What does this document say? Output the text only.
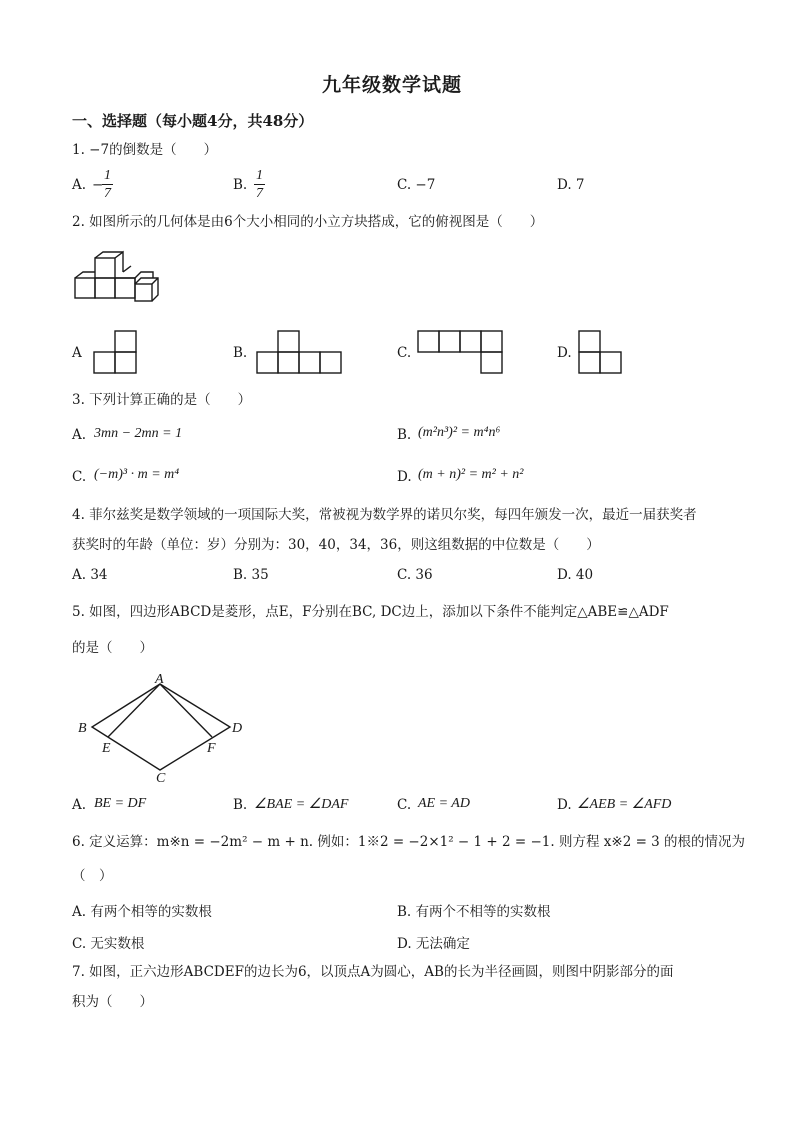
九年级数学试题
一、选择题（每小题4分，共48分）
1. −7的倒数是（　　）
A. −
$\frac{1}{7}$	B. $\frac{1}{7}$	C. −7	D. 7
2. 如图所示的几何体是由6个大小相同的小立方块搭成，它的俯视图是（　　）
A	B.	C.	D.
3. 下列计算正确的是（　　）
A. 3mn − 2mn = 1	B. (m²n³)² = m⁴n⁶
C. (−m)³ · m = m⁴	D. (m + n)² = m² + n²
4. 菲尔兹奖是数学领域的一项国际大奖，常被视为数学界的诺贝尔奖，每四年颁发一次，最近一届获奖者
获奖时的年龄（单位：岁）分别为：30，40，34，36，则这组数据的中位数是（　　）
A. 34	B. 35	C. 36	D. 40
5. 如图，四边形ABCD是菱形，点E，F分别在BC, DC边上，添加以下条件不能判定△ABE≌△ADF
的是（　　）
A
B
C
D
E	F
A. BE = DF	B. ∠BAE = ∠DAF	C. AE = AD	D. ∠AEB = ∠AFD
6. 定义运算：m※n = −2m² − m + n. 例如：1※2 = −2×1² − 1 + 2 = −1. 则方程 x※2 = 3 的根的情况为
（　）
A. 有两个相等的实数根	B. 有两个不相等的实数根
C. 无实数根	D. 无法确定
7. 如图，正六边形ABCDEF的边长为6，以顶点A为圆心，AB的长为半径画圆，则图中阴影部分的面
积为（　　）
